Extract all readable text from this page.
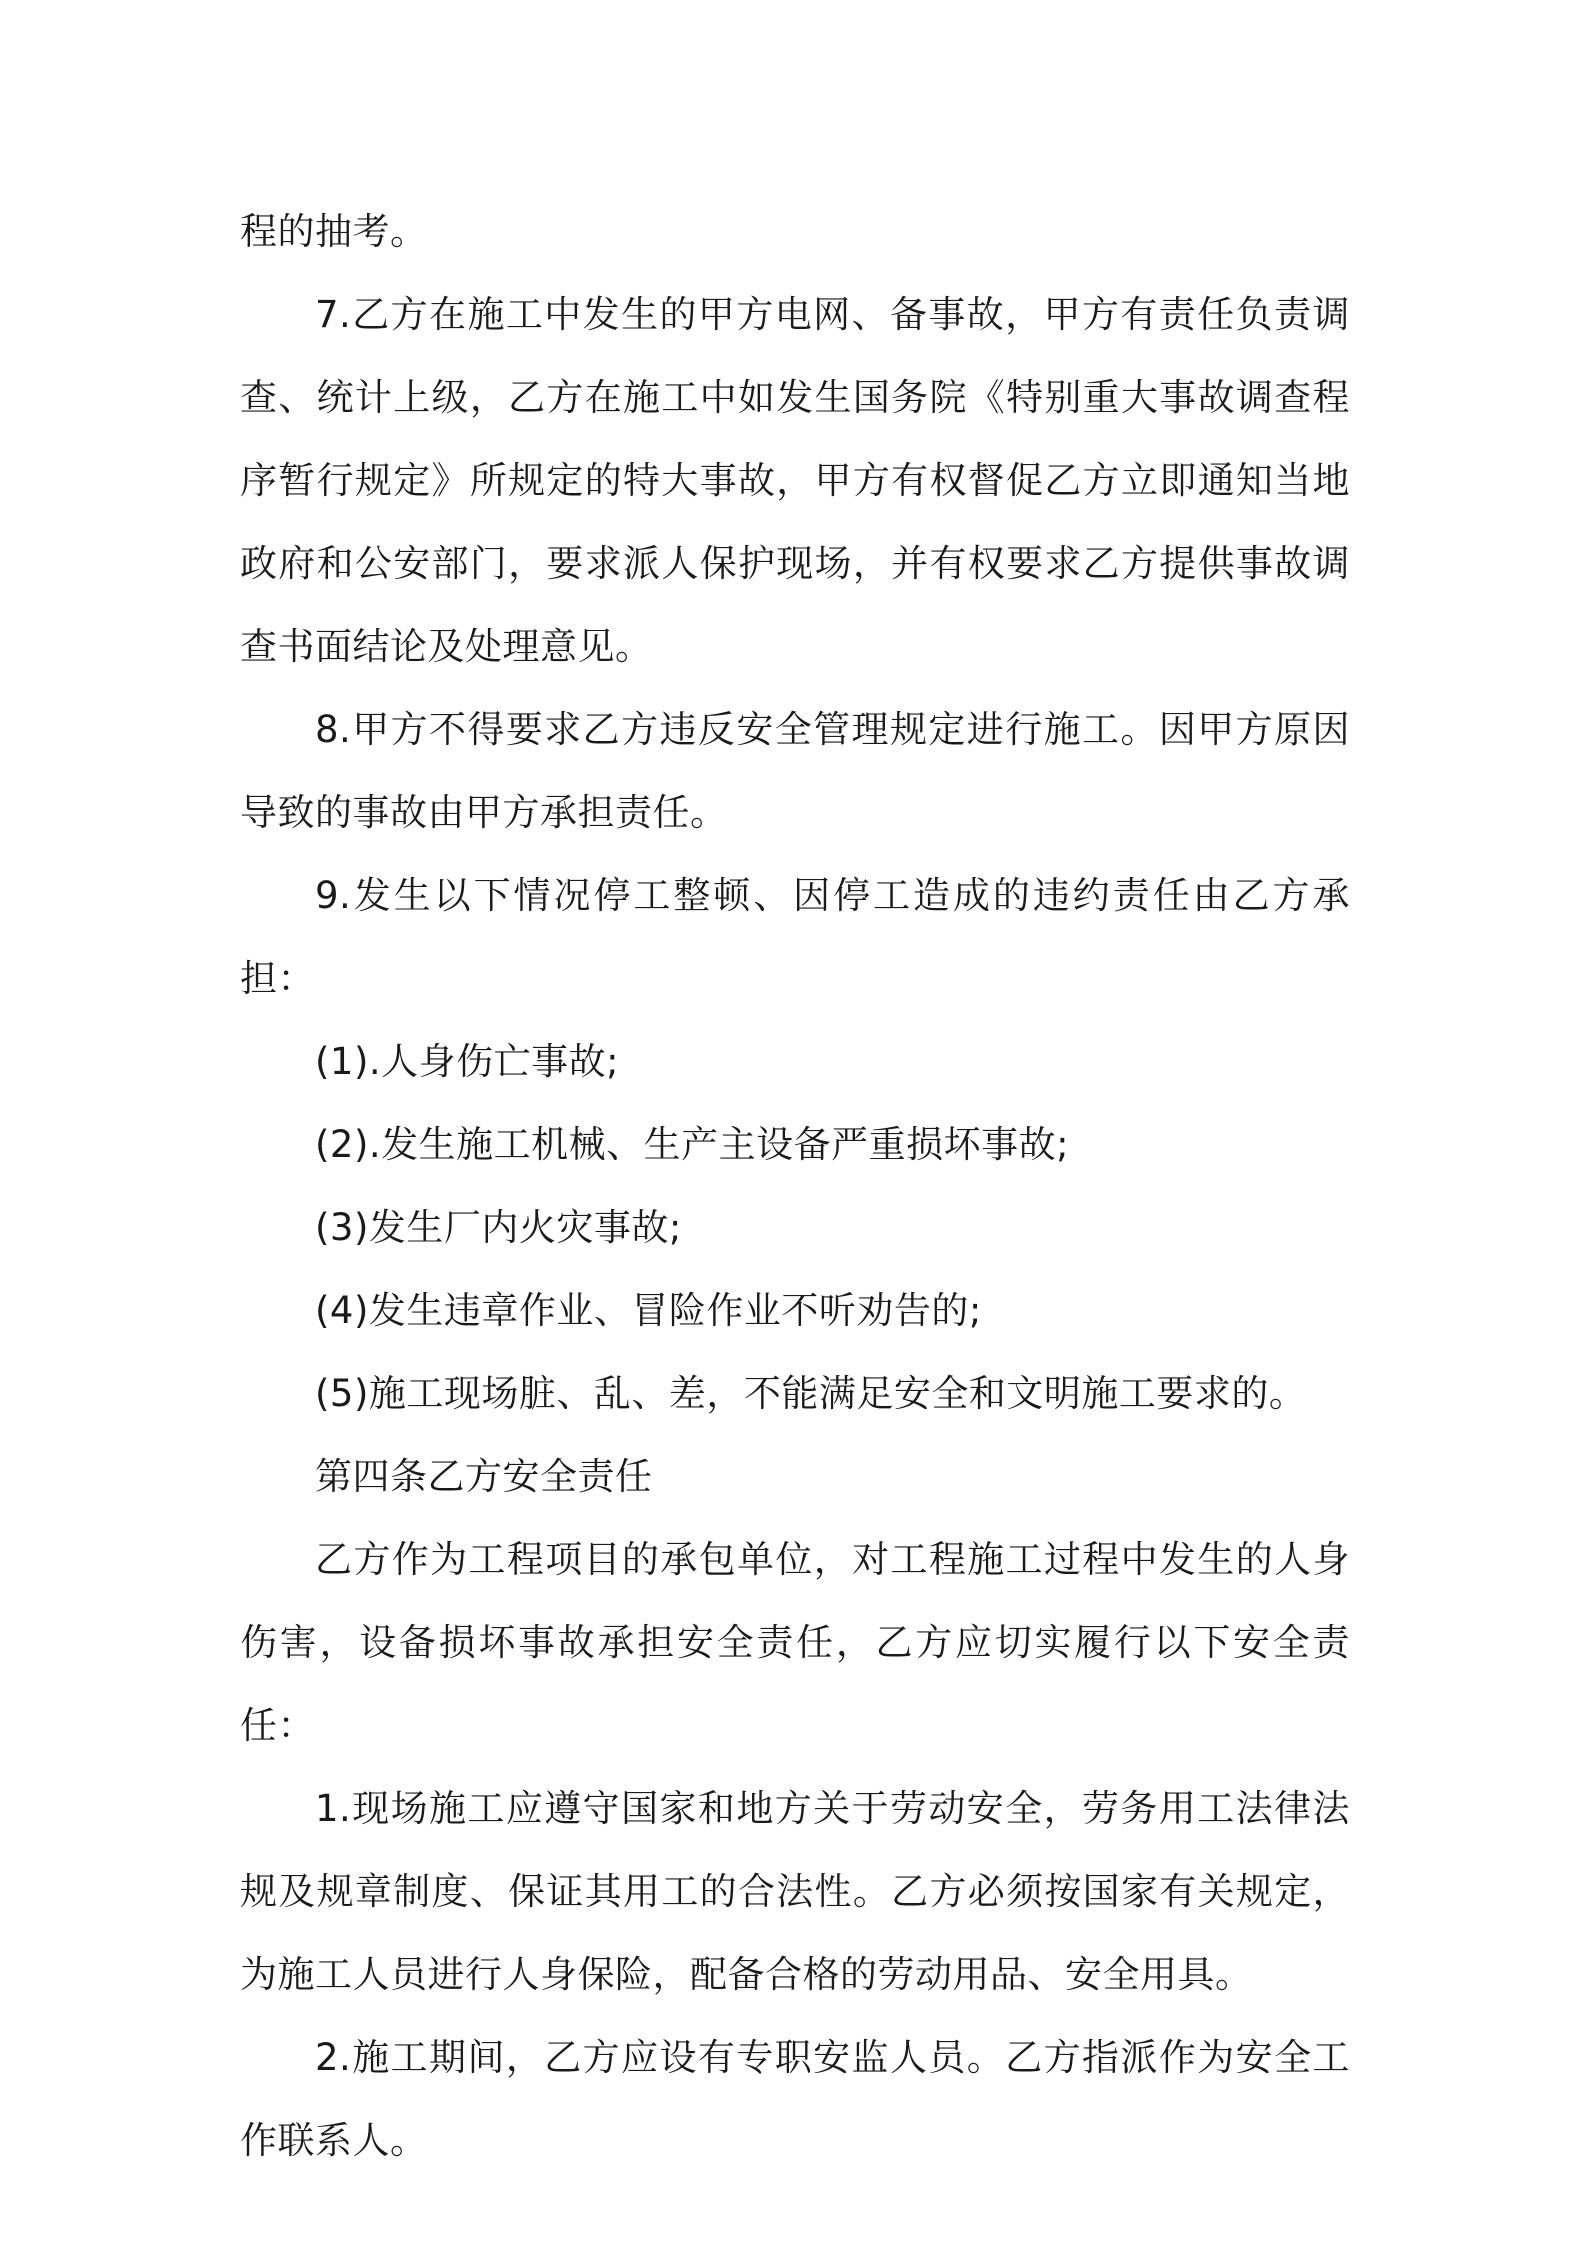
程的抽考。

7.乙方在施工中发生的甲方电网、备事故，甲方有责任负责调查、统计上级，乙方在施工中如发生国务院《特别重大事故调查程序暂行规定》所规定的特大事故，甲方有权督促乙方立即通知当地政府和公安部门，要求派人保护现场，并有权要求乙方提供事故调查书面结论及处理意见。

8.甲方不得要求乙方违反安全管理规定进行施工。因甲方原因导致的事故由甲方承担责任。

9.发生以下情况停工整顿、因停工造成的违约责任由乙方承担：

(1).人身伤亡事故;

(2).发生施工机械、生产主设备严重损坏事故;

(3)发生厂内火灾事故;

(4)发生违章作业、冒险作业不听劝告的;

(5)施工现场脏、乱、差，不能满足安全和文明施工要求的。

第四条乙方安全责任

乙方作为工程项目的承包单位，对工程施工过程中发生的人身伤害，设备损坏事故承担安全责任，乙方应切实履行以下安全责任：

1.现场施工应遵守国家和地方关于劳动安全，劳务用工法律法规及规章制度、保证其用工的合法性。乙方必须按国家有关规定，为施工人员进行人身保险，配备合格的劳动用品、安全用具。

2.施工期间，乙方应设有专职安监人员。乙方指派作为安全工作联系人。
